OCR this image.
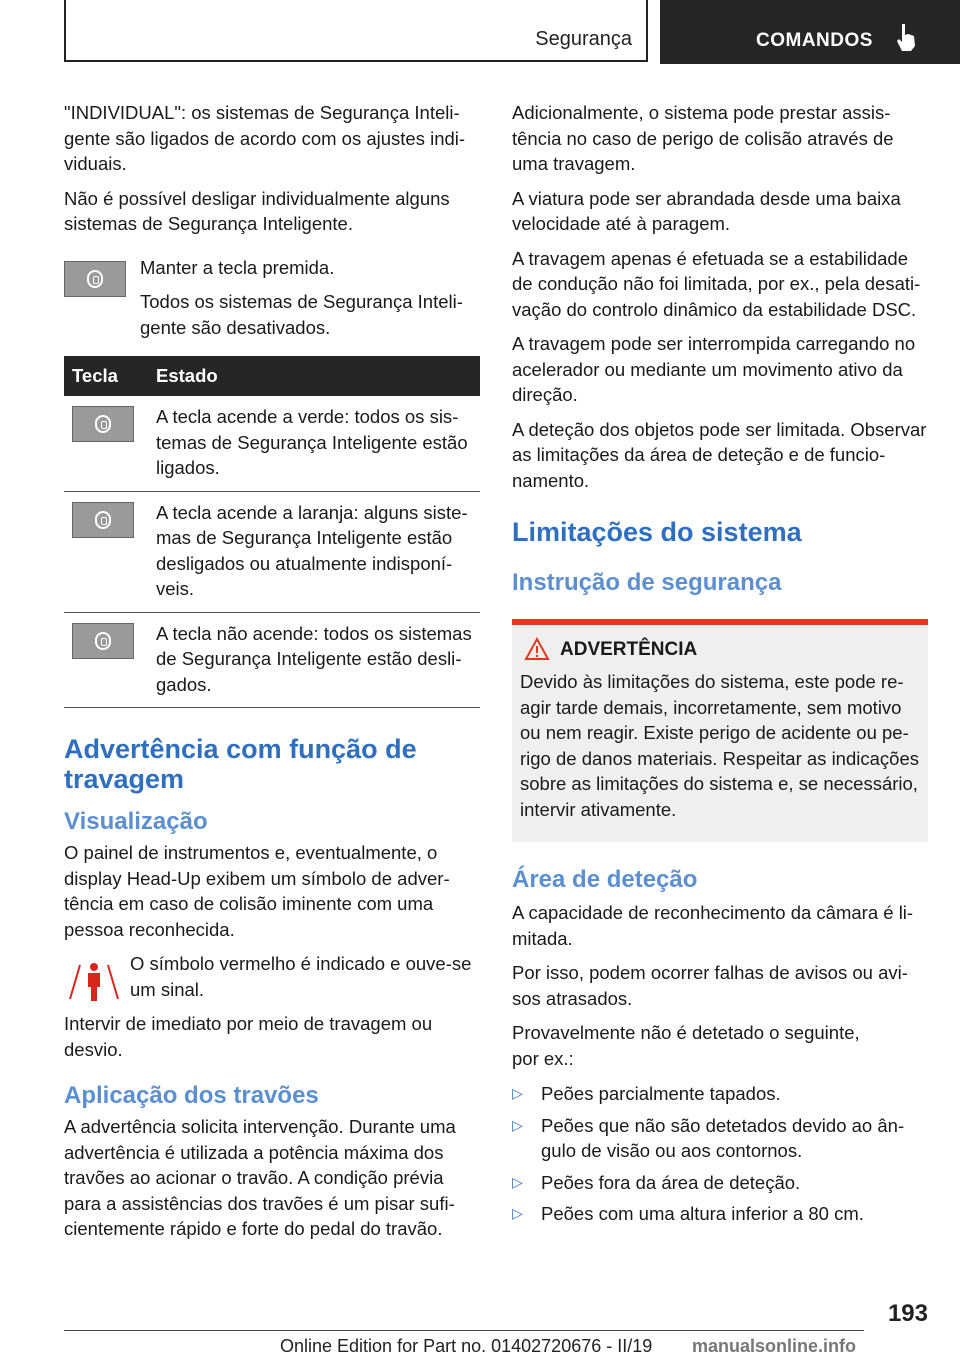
Segurança	COMANDOS

"INDIVIDUAL": os sistemas de Segurança Inteligente são ligados de acordo com os ajustes individuais.

Não é possível desligar individualmente alguns sistemas de Segurança Inteligente.

Manter a tecla premida.

Todos os sistemas de Segurança Inteligente são desativados.

Tecla	Estado

	A tecla acende a verde: todos os sistemas de Segurança Inteligente estão ligados.

	A tecla acende a laranja: alguns sistemas de Segurança Inteligente estão desligados ou atualmente indisponíveis.

	A tecla não acende: todos os sistemas de Segurança Inteligente estão desligados.
Advertência com função de travagem
Visualização

O painel de instrumentos e, eventualmente, o display Head-Up exibem um símbolo de advertência em caso de colisão iminente com uma pessoa reconhecida.

O símbolo vermelho é indicado e ouve-se um sinal.

Intervir de imediato por meio de travagem ou desvio.

Aplicação dos travões

A advertência solicita intervenção. Durante uma advertência é utilizada a potência máxima dos travões ao acionar o travão. A condição prévia para a assistências dos travões é um pisar suficientemente rápido e forte do pedal do travão.

Adicionalmente, o sistema pode prestar assistência no caso de perigo de colisão através de uma travagem.

A viatura pode ser abrandada desde uma baixa velocidade até à paragem.

A travagem apenas é efetuada se a estabilidade de condução não foi limitada, por ex., pela desativação do controlo dinâmico da estabilidade DSC.

A travagem pode ser interrompida carregando no acelerador ou mediante um movimento ativo da direção.

A deteção dos objetos pode ser limitada. Observar as limitações da área de deteção e de funcionamento.

Limitações do sistema
Instrução de segurança
ADVERTÊNCIA

Devido às limitações do sistema, este pode reagir tarde demais, incorretamente, sem motivo ou nem reagir. Existe perigo de acidente ou perigo de danos materiais. Respeitar as indicações sobre as limitações do sistema e, se necessário, intervir ativamente.

Área de deteção

A capacidade de reconhecimento da câmara é limitada.

Por isso, podem ocorrer falhas de avisos ou avisos atrasados.

Provavelmente não é detetado o seguinte,
por ex.:

▷ Peões parcialmente tapados.
▷ Peões que não são detetados devido ao ângulo de visão ou aos contornos.
▷ Peões fora da área de deteção.
▷ Peões com uma altura inferior a 80 cm.
193
Online Edition for Part no. 01402720676 - II/19 manualsonline.info
